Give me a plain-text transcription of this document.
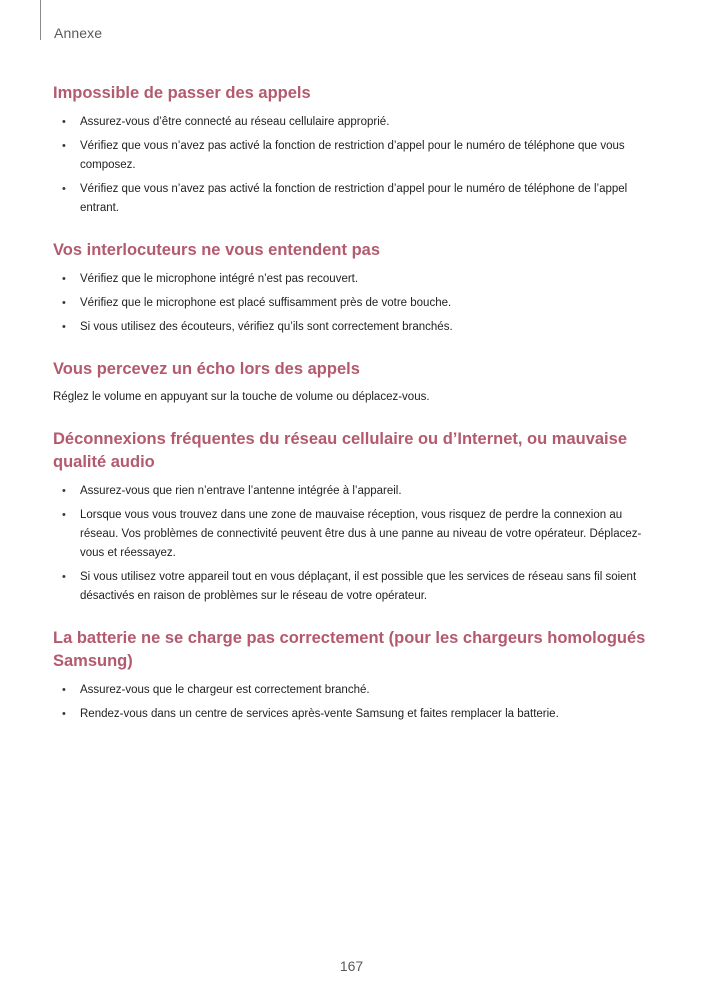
Annexe
Impossible de passer des appels
• Assurez-vous d’être connecté au réseau cellulaire approprié.
• Vérifiez que vous n’avez pas activé la fonction de restriction d’appel pour le numéro de téléphone que vous composez.
• Vérifiez que vous n’avez pas activé la fonction de restriction d’appel pour le numéro de téléphone de l’appel entrant.
Vos interlocuteurs ne vous entendent pas
• Vérifiez que le microphone intégré n’est pas recouvert.
• Vérifiez que le microphone est placé suffisamment près de votre bouche.
• Si vous utilisez des écouteurs, vérifiez qu’ils sont correctement branchés.
Vous percevez un écho lors des appels

Réglez le volume en appuyant sur la touche de volume ou déplacez-vous.

Déconnexions fréquentes du réseau cellulaire ou d’Internet, ou mauvaise qualité audio
• Assurez-vous que rien n’entrave l’antenne intégrée à l’appareil.
• Lorsque vous vous trouvez dans une zone de mauvaise réception, vous risquez de perdre la connexion au réseau. Vos problèmes de connectivité peuvent être dus à une panne au niveau de votre opérateur. Déplacez-vous et réessayez.
• Si vous utilisez votre appareil tout en vous déplaçant, il est possible que les services de réseau sans fil soient désactivés en raison de problèmes sur le réseau de votre opérateur.
La batterie ne se charge pas correctement (pour les chargeurs homologués Samsung)
• Assurez-vous que le chargeur est correctement branché.
• Rendez-vous dans un centre de services après-vente Samsung et faites remplacer la batterie.
167
